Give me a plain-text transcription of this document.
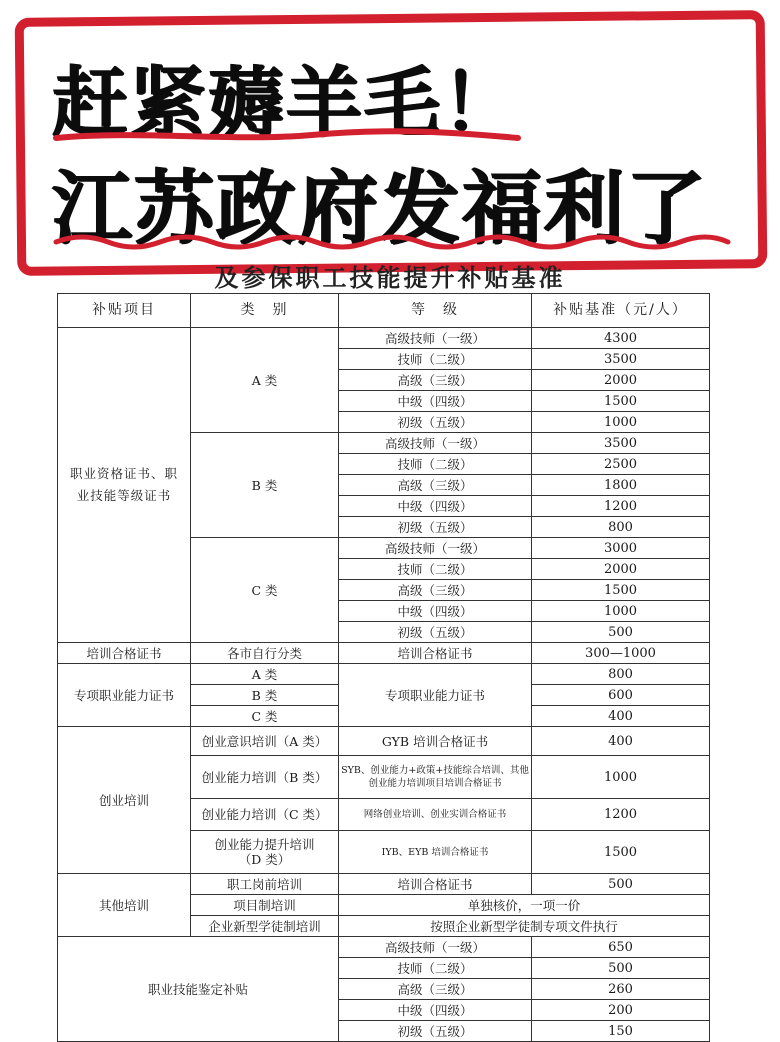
赶紧薅羊毛！
江苏政府发福利了
及参保职工技能提升补贴基准
补贴项目	类　别	等　级	补贴基准（元/人）
职业资格证书、职业技能等级证书	A 类	高级技师（一级）	4300
		技师（二级）	3500
		高级（三级）	2000
		中级（四级）	1500
		初级（五级）	1000
	B 类	高级技师（一级）	3500
		技师（二级）	2500
		高级（三级）	1800
		中级（四级）	1200
		初级（五级）	800
	C 类	高级技师（一级）	3000
		技师（二级）	2000
		高级（三级）	1500
		中级（四级）	1000
		初级（五级）	500
培训合格证书	各市自行分类	培训合格证书	300—1000
专项职业能力证书	A 类	专项职业能力证书	800
	B 类		600
	C 类		400
创业培训	创业意识培训（A 类）	GYB 培训合格证书	400
	创业能力培训（B 类）	SYB、创业能力+政策+技能综合培训、其他创业能力培训项目培训合格证书	1000
	创业能力培训（C 类）	网络创业培训、创业实训合格证书	1200
	创业能力提升培训（D 类）	IYB、EYB 培训合格证书	1500
其他培训	职工岗前培训	培训合格证书	500
	项目制培训	单独核价，一项一价	
	企业新型学徒制培训	按照企业新型学徒制专项文件执行	
职业技能鉴定补贴		高级技师（一级）	650
		技师（二级）	500
		高级（三级）	260
		中级（四级）	200
		初级（五级）	150
